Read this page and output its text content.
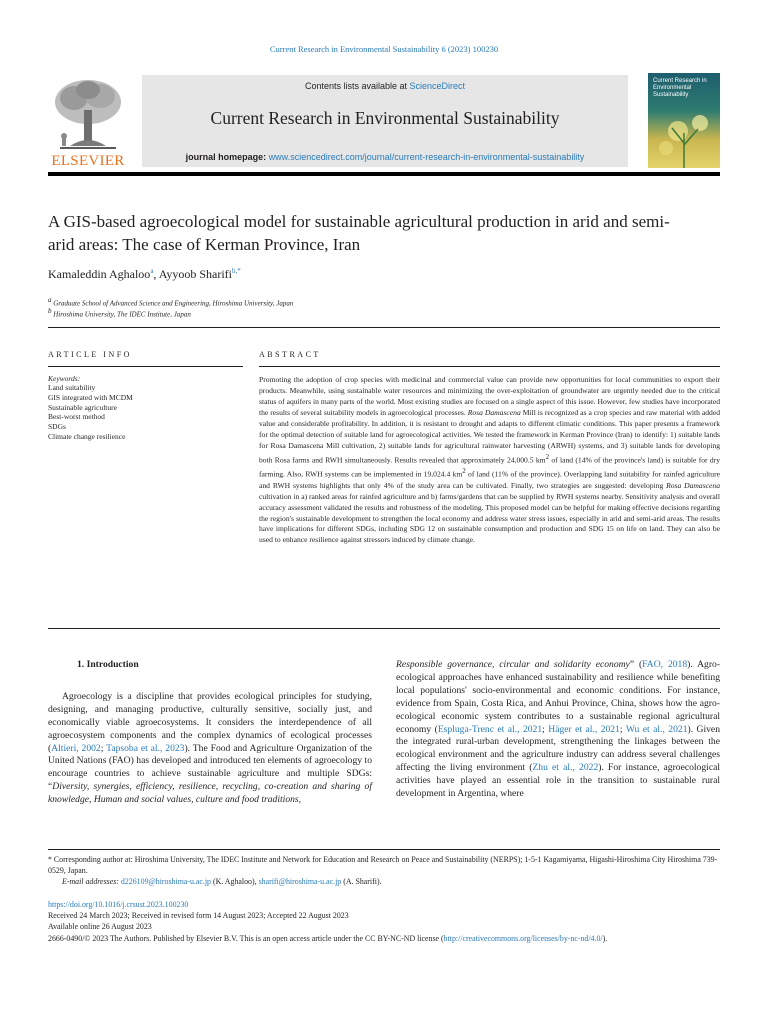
Current Research in Environmental Sustainability 6 (2023) 100230
ELSEVIER
Contents lists available at ScienceDirect
Current Research in Environmental Sustainability
journal homepage: www.sciencedirect.com/journal/current-research-in-environmental-sustainability
Current Research in Environmental Sustainability
A GIS-based agroecological model for sustainable agricultural production in arid and semi-arid areas: The case of Kerman Province, Iran
Kamaleddin Aghaloo$^a$, Ayyoob Sharifi$^{b,*}$
$^a$ Graduate School of Advanced Science and Engineering, Hiroshima University, Japan
$^b$ Hiroshima University, The IDEC Institute, Japan
ARTICLE INFO	ABSTRACT
Keywords:
Land suitability
GIS integrated with MCDM
Sustainable agriculture
Best-worst method
SDGs
Climate change resilience
Promoting the adoption of crop species with medicinal and commercial value can provide new opportunities for local communities to export their products. Meanwhile, using sustainable water resources and minimizing the over-exploitation of groundwater are urgently needed due to the critical status of aquifers in many parts of the world. Most existing studies are focused on a single aspect of this issue. However, few studies have incorporated the results of several suitability models in agroecological processes. Rosa Damascena Mill is recognized as a crop species and raw material with added value and considerable profitability. In addition, it is resistant to drought and adapts to different climatic conditions. This paper presents a framework for the optimal detection of suitable land for agroecological activities. We tested the framework in Kerman Province (Iran) to identify: 1) suitable lands for Rosa Damascena Mill cultivation, 2) suitable lands for agricultural rainwater harvesting (ARWH) systems, and 3) suitable lands for developing both Rosa farms and RWH simultaneously. Results revealed that approximately 24,000.5 $km^2$ of land (14% of the province's land) is suitable for dry farming. Also, RWH systems can be implemented in 19,024.4 $km^2$ of land (11% of the province). Overlapping land suitability for rainfed agriculture and RWH systems highlights that only 4% of the study area can be cultivated. Finally, two strategies are suggested: developing Rosa Damascena cultivation in a) ranked areas for rainfed agriculture and b) farms/gardens that can be supplied by RWH systems nearby. Sensitivity analysis and overall accuracy assessment validated the results and robustness of the modeling. This proposed model can be helpful for making effective decisions regarding the region's sustainable development to strengthen the local economy and address water stress issues, especially in arid and semi-arid areas. The results have implications for different SDGs, including SDG 12 on sustainable consumption and production and SDG 15 on life on land. They can also be used to enhance resilience against stressors induced by climate change.
1. Introduction

Agroecology is a discipline that provides ecological principles for studying, designing, and managing productive, culturally sensitive, socially just, and economically viable agroecosystems. It considers the interdependence of all agroecosystem components and the complex dynamics of ecological processes (Altieri, 2002; Tapsoba et al., 2023). The Food and Agriculture Organization of the United Nations (FAO) has developed and introduced ten elements of agroecology to encourage countries to achieve sustainable agriculture and multiple SDGs: “Diversity, synergies, efficiency, resilience, recycling, co-creation and sharing of knowledge, Human and social values, culture and food traditions,

Responsible governance, circular and solidarity economy” (FAO, 2018). Agro-ecological approaches have enhanced sustainability and resilience while benefiting local populations' socio-environmental and economic conditions. For instance, evidence from Spain, Costa Rica, and Anhui Province, China, shows how the agro-ecological economic system contributes to a sustainable regional agricultural economy (Espluga-Trenc et al., 2021; Häger et al., 2021; Wu et al., 2021). Given the integrated rural-urban development, strengthening the linkages between the ecological environment and the agriculture industry can address several challenges affecting the living environment (Zhu et al., 2022). For instance, agroecological activities have played an essential role in the transition to sustainable rural development in Argentina, where

* Corresponding author at: Hiroshima University, The IDEC Institute and Network for Education and Research on Peace and Sustainability (NERPS); 1-5-1 Kagamiyama, Higashi-Hiroshima City Hiroshima 739-0529, Japan.

E-mail addresses: d226109@hiroshima-u.ac.jp (K. Aghaloo), sharifi@hiroshima-u.ac.jp (A. Sharifi).

https://doi.org/10.1016/j.crsust.2023.100230
Received 24 March 2023; Received in revised form 14 August 2023; Accepted 22 August 2023
Available online 26 August 2023
2666-0490/© 2023 The Authors. Published by Elsevier B.V. This is an open access article under the CC BY-NC-ND license (http://creativecommons.org/licenses/by-nc-nd/4.0/).
